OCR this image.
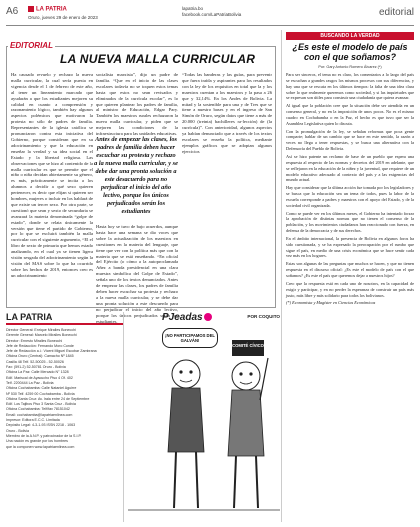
A6	LA PATRIA
Oruro, jueves 29 de enero de 2023
lapatria.bo
facebook.com/LaPatriaBolivia	editorial
EDITORIAL
LA NUEVA MALLA CURRICULAR
Ha causado revuelo y rechazo la nueva malla curricular, la cual sería puesta en vigencia desde el 1 de febrero de este año, al tener un lineamiento marcado que ayudarán a que los estudiantes mejoren su calidad en cuanto a comprensión y razonamiento lógico, también hay algunos aspectos polémicos que motivaron la protesta no sólo de padres de familia. Representantes de la iglesia católica se pronunciaron contra esta iniciativa del Gobierno, porque consideran que en su adoctrinamiento y que la educación en enseñar la verdad y su idea social en el Estado y la libertad religiosa. Las observaciones que se hizo al contenido de la malla curricular es que se permite que el niño o niña decidan abiertamente su género, es más, prácticamente se incita a los alumnos a decidir a qué sexo quieren pertenecer, es decir que elijan si quieren ser hombres, mujeres o incluir en los hablará de que existe un tercer sexo. Por otra parte, se cuestionó que sean y sexto de secundaria se avanzará la materia denominada “golpe de estado”, donde se relata únicamente la versión que tiene el partido de Gobierno, por lo que se excluirá también la malla curricular con el siguiente argumento, “El el libro de sexto de primaria que hemos estado analizando, en el cual ya se tienen ligera visión sesgada del adoctrinamiento según la visión del MAS sobre lo que ha ocurrido sobre los hechos de 2019, entonces creo es un adoctrinamiento
socialista marxista”, dijo un padre de familia. “Que en el inicio de las clases escolares todavía no se toquen estos temas hasta que estos no sean revisados y eliminados de la currícula escolar”, es lo que quieren plantear los padres de familia, al ministro de Educación, Edgar Pary. También los maestros rurales rechazaron la nueva malla curricular, y piden que se mejoren las condiciones de la infraestructura para las unidades educativas.
Antes de empezar las clases, los padres de familia deben hacer escuchar su protesta y rechazo a la nueva malla curricular, y se debe dar una pronta solución a este desacuerdo para no perjudicar el inicio del año lectivo, porque los únicos perjudicados serán los estudiantes
Hasta hoy se tuvo de bajo acuerdos, aunque hasta hace una semana se dio voces que sobre la actualización de los maestros en cuestiones en la materia del lenguaje, que tiene que ver con la política más que con la materia que se está enseñando. “En oficial del Ejército (o cómo a la autoproclamada Añez a banda presidencial en una clara muestra simbólica del Golpe de Estado”, señala uno de los textos denunciados. Antes de empezar las clases, los padres de familia deben hacer escuchar su protesta y rechazo a la nueva malla curricular, y se debe dar una pronta solución a este descuerdo para no perjudicar el inicio del año lectivo, porque los únicos perjudicados serán los estudiantes.
“Todas las banderas y las guías, para prevenir que fuera traída y aspirantes para los resultados con la ley de los requisitos en total que la y los maestros cuentan a los maestros y la pasa a 26 que y 32,14%. En los Andes de Bolivia. La mitad y la sostenible para una y de Tres que se tiene a nuestro bases y en el ingreso de San Simón de Oruro, según datos que tiene a más de 20.000 (treinta) bachilleres ra-lección) de (la currícula)”. Con anterioridad, algunos aspectos ya habían denunciado que a través de los textos escolares se enseña la política, mediante ejemplos gráficos que se adoptan algunos ejercicios
LA PATRIA
Director General: Enrique Miralles Bonecchi
Gerente General: Marcelo Miralles Bonecchi
Director: Ernesto Miralles Bonecchi
Jefe de Redacción: Fernando Moro Conde
Jefe de Redacción a.i.: Vicent Miguel Escobar Zambrana
Oficina Oruro (Central): Camacho Nº 1845
Casilla 48 Telf. 52-50025 - 52-50026
Fax: (591-2) 52-50781 Oruro - Bolivia
Oficina La Paz: Calle Mercado N° 1328
Edif. Mariscal de Ayacucho Piso 4 Of. 402
Telf. 2200444 La Paz - Bolivia
Oficina Cochabamba: Calle Nataniel Aguirre
Nº 530 Telf. 4259 00 Cochabamba - Bolivia
Oficina Santa Cruz: Av. Irala entre 24 de Septiembre
Edif. Los Tajibos Piso 3 Santa Cruz - Bolivia
Oficina Cochabamba: Telf/fax 78151042
Email: cochabamba@lapatriaenlinea.com
Impresor: Editora E.C.C. Limitada
Depósito Legal: 4-3-1-93 ISSN 2218 - 1063
Oruro - Bolivia
Miembro de la A.N.P. y patrocinador de la S.I.P.
Una nación es grande por los hombres
que la componen www.lapatriaenlinea.com
PJeadas	POR COQUITO
¡NO PARTICIPAMOS DEL GALVÁN!
COMITÉ CÍVICO
BUSCANDO LA VERDAD
¿Es este el modelo de país con el que soñamos?
Por: Gary Antonio Romero Álvarez (*)

Para ser sinceros, el tema no es claro, los comentarios a lo largo del país se escuchan a grandes rasgos los mismos procesos con sus diferencias, y hay una que se rescata en los últimos tiempos: la falta de una idea clara sobre lo que realmente queremos como sociedad, y si las inquietudes que se expresan son útiles para construir una ciudadanía que quiera avanzar.

Al igual que la población cree que la situación debe ser atendida en un consenso general, y no en la imposición de unos pocos. No es el mismo cuadro en Cochabamba o en la Paz, el hecho es que tuvo que ser la Asamblea Legislativa quien lo discuta.

Con la promulgación de la ley, se señalan reformas que poca gente comparte; hablar de un cambio que se hace en este sentido, la razón a veces no llega a tener respuestas, y se busca una alternativa con la Defensoría del Pueblo de Bolivia.

Así se hizo patente un reclamo de base de un pueblo que espera una respuesta al respecto de las normas y decretos del 2019 en adelante, que se reflejaron en la educación de la niñez y la juventud, que requiere de un modelo educativo adecuado al contexto del país y a las exigencias del mundo actual.

Hay que considerar que la última acción fue tomada por los legisladores y se busca que la educación sea un tema de todos, pues la labor de la escuela corresponde a padres y maestros con el apoyo del Estado, y de la sociedad civil organizada.

Como se puede ver en los últimos meses, el Gobierno ha intentado forzar la aprobación de distintas normas que no tienen el consenso de la población, y los movimientos ciudadanos han reaccionado con fuerza, en defensa de la democracia y de sus derechos.

En el ámbito internacional, la presencia de Bolivia en algunos foros ha sido cuestionada, y se ha expresado la preocupación por el rumbo que sigue el país, en medio de una crisis económica que se hace sentir cada vez más en los hogares.

Estas son algunas de las preguntas que muchos se hacen, y que no tienen respuesta en el discurso oficial: ¿Es este el modelo de país con el que soñamos? ¿Es este el país que queremos dejar a nuestros hijos?

Creo que la respuesta está en cada uno de nosotros, en la capacidad de exigir y participar, y en no perder la esperanza de construir un país más justo, más libre y más solidario para todos los bolivianos.

(*) Economista y Magíster en Ciencias Económicas
